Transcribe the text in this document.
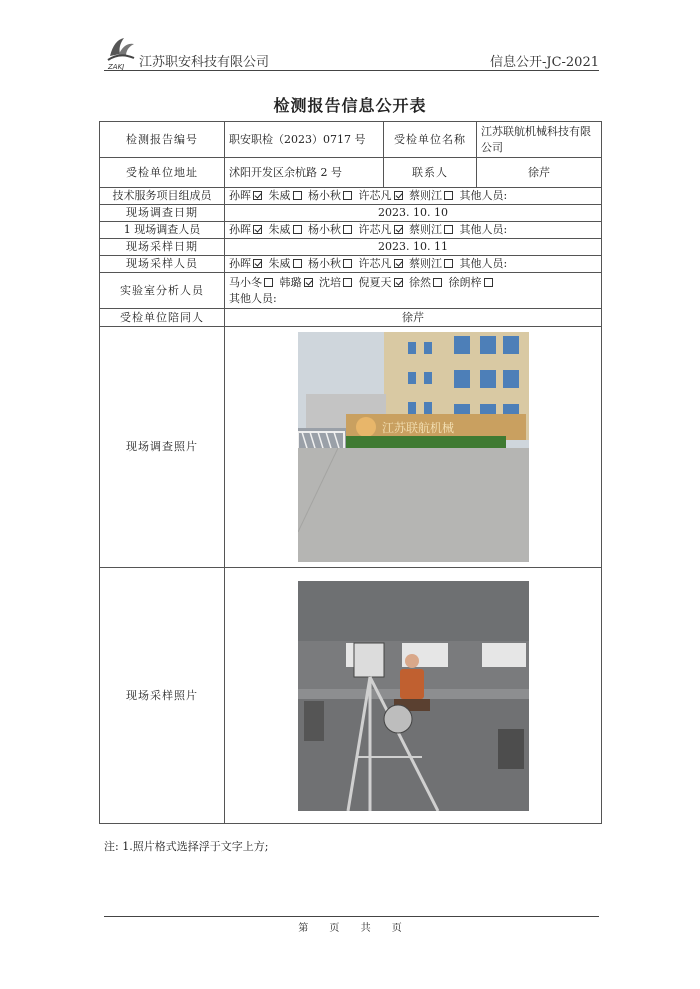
ZAKJ 江苏职安科技有限公司	信息公开-JC-2021
检测报告信息公开表
检测报告编号	职安职检（2023）0717 号	受检单位名称	江苏联航机械科技有限公司
受检单位地址	沭阳开发区余杭路 2 号	联系人	徐芹
技术服务项目组成员	孙晖 朱威 杨小秋 许芯凡 蔡则江 其他人员:		
现场调查日期	2023. 10. 10		
1 现场调查人员	孙晖 朱威 杨小秋 许芯凡 蔡则江 其他人员:		
现场采样日期	2023. 10. 11		
现场采样人员	孙晖 朱威 杨小秋 许芯凡 蔡则江 其他人员:		
实验室分析人员	马小冬 韩璐 沈培 倪夏天 徐然 徐朗梓
其他人员:		
受检单位陪同人	徐芹		
现场调查照片	江苏联航机械		

现场采样照片	
注: 1.照片格式选择浮于文字上方;
第 页 共 页
